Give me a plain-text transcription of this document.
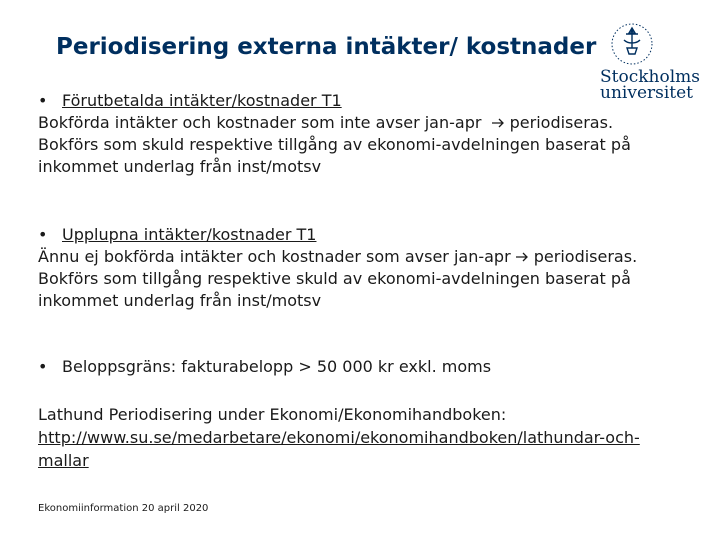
Periodisering externa intäkter/ kostnader
Stockholms
universitet
• Förutbetalda intäkter/kostnader T1
Bokförda intäkter och kostnader som inte avser jan-apr periodiseras. Bokförs som skuld respektive tillgång av ekonomi-avdelningen baserat på inkommet underlag från inst/motsv
• Upplupna intäkter/kostnader T1
Ännu ej bokförda intäkter och kostnader som avser jan-apr periodiseras. Bokförs som tillgång respektive skuld av ekonomi-avdelningen baserat på inkommet underlag från inst/motsv
• Beloppsgräns: fakturabelopp > 50 000 kr exkl. moms
Lathund Periodisering under Ekonomi/Ekonomihandboken:
http://www.su.se/medarbetare/ekonomi/ekonomihandboken/lathundar-och-mallar
Ekonomiinformation 20 april 2020
